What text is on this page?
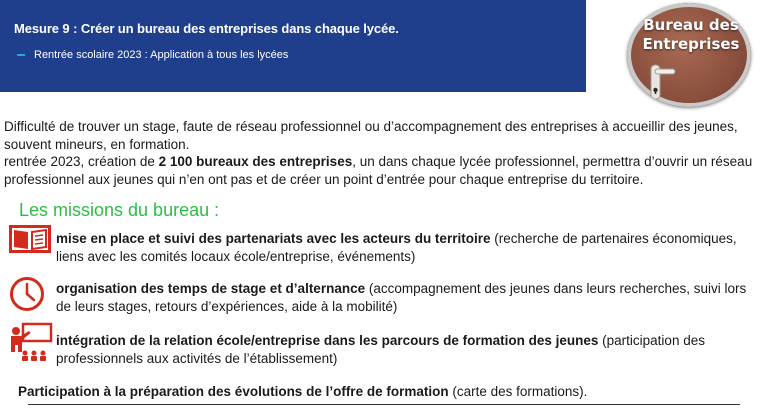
Mesure 9 : Créer un bureau des entreprises dans chaque lycée.
Rentrée scolaire 2023 : Application à tous les lycées
Bureau des
Entreprises

Difficulté de trouver un stage, faute de réseau professionnel ou d’accompagnement des entreprises à accueillir des jeunes, souvent mineurs, en formation.

rentrée 2023, création de 2 100 bureaux des entreprises, un dans chaque lycée professionnel, permettra d’ouvrir un réseau professionnel aux jeunes qui n’en ont pas et de créer un point d’entrée pour chaque entreprise du territoire.

Les missions du bureau :
mise en place et suivi des partenariats avec les acteurs du territoire (recherche de partenaires économiques, liens avec les comités locaux école/entreprise, événements)
organisation des temps de stage et d’alternance (accompagnement des jeunes dans leurs recherches, suivi lors de leurs stages, retours d’expériences, aide à la mobilité)
intégration de la relation école/entreprise dans les parcours de formation des jeunes (participation des professionnels aux activités de l’établissement)
Participation à la préparation des évolutions de l’offre de formation (carte des formations).
